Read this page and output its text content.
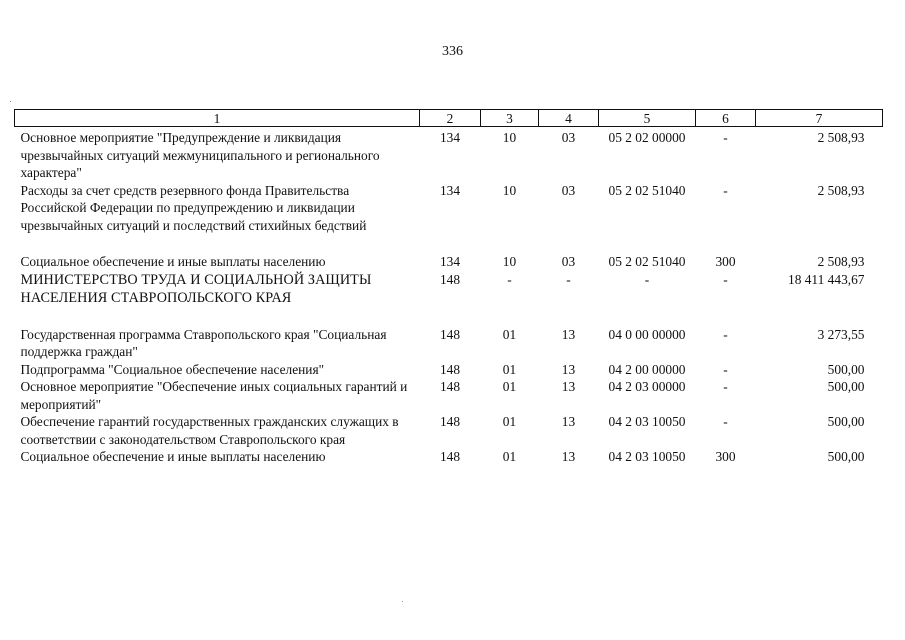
336
1	2	3	4	5	6	7
Основное мероприятие "Предупреждение и ликвидация чрезвычайных ситуаций межмуниципального и регионального характера"	134	10	03	05 2 02 00000	-	2 508,93
Расходы за счет средств резервного фонда Правительства Российской Федерации по предупреждению и ликвидации чрезвычайных ситуаций и последствий стихийных бедствий	134	10	03	05 2 02 51040	-	2 508,93
Социальное обеспечение и иные выплаты населению	134	10	03	05 2 02 51040	300	2 508,93
МИНИСТЕРСТВО ТРУДА И СОЦИАЛЬНОЙ ЗАЩИТЫ НАСЕЛЕНИЯ СТАВРОПОЛЬСКОГО КРАЯ	148	-	-	-	-	18 411 443,67
Государственная программа Ставропольского края "Социальная поддержка граждан"	148	01	13	04 0 00 00000	-	3 273,55
Подпрограмма "Социальное обеспечение населения"	148	01	13	04 2 00 00000	-	500,00
Основное мероприятие "Обеспечение иных социальных гарантий и мероприятий"	148	01	13	04 2 03 00000	-	500,00
Обеспечение гарантий государственных гражданских служащих в соответствии с законодательством Ставропольского края	148	01	13	04 2 03 10050	-	500,00
Социальное обеспечение и иные выплаты населению	148	01	13	04 2 03 10050	300	500,00
